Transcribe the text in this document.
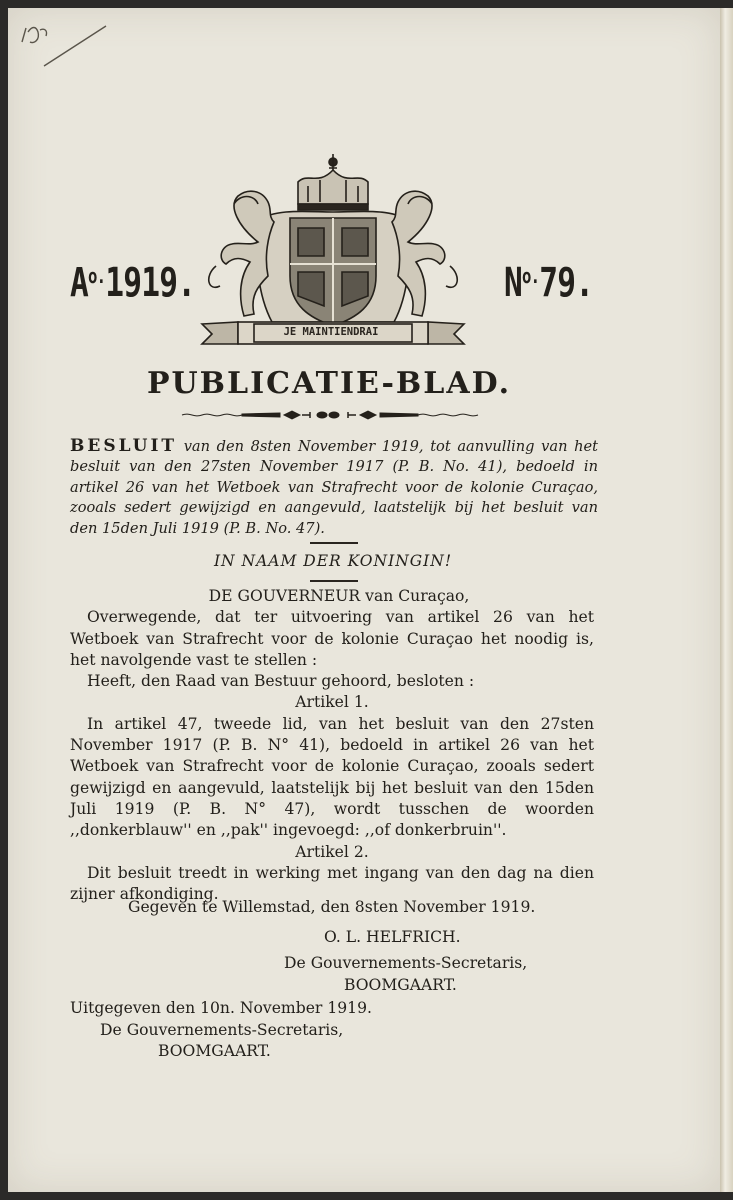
$A^{o.}1919$.
JE MAINTIENDRAI
$N^{o.}79$.
PUBLICATIE-BLAD.
BESLUIT van den 8sten November 1919, tot aanvulling van het besluit van den 27sten November 1917 (P. B. No. 41), bedoeld in artikel 26 van het Wetboek van Strafrecht voor de kolonie Curaçao, zooals sedert gewijzigd en aangevuld, laatstelijk bij het besluit van den 15den Juli 1919 (P. B. No. 47).
IN NAAM DER KONINGIN!

DE GOUVERNEUR van Curaçao,

Overwegende, dat ter uitvoering van artikel 26 van het Wetboek van Strafrecht voor de kolonie Curaçao het noodig is, het navolgende vast te stellen :

Heeft, den Raad van Bestuur gehoord, besloten :

Artikel 1.

In artikel 47, tweede lid, van het besluit van den 27sten November 1917 (P. B. N° 41), bedoeld in artikel 26 van het Wetboek van Strafrecht voor de kolonie Curaçao, zooals sedert gewijzigd en aangevuld, laatstelijk bij het besluit van den 15den Juli 1919 (P. B. N° 47), wordt tusschen de woorden ,,donkerblauw'' en ,,pak'' ingevoegd: ,,of donkerbruin''.

Artikel 2.

Dit besluit treedt in werking met ingang van den dag na dien zijner afkondiging.

Gegeven te Willemstad, den 8sten November 1919.
O. L. HELFRICH.
De Gouvernements-Secretaris,
BOOMGAART.
Uitgegeven den 10n. November 1919.
De Gouvernements-Secretaris,
BOOMGAART.
